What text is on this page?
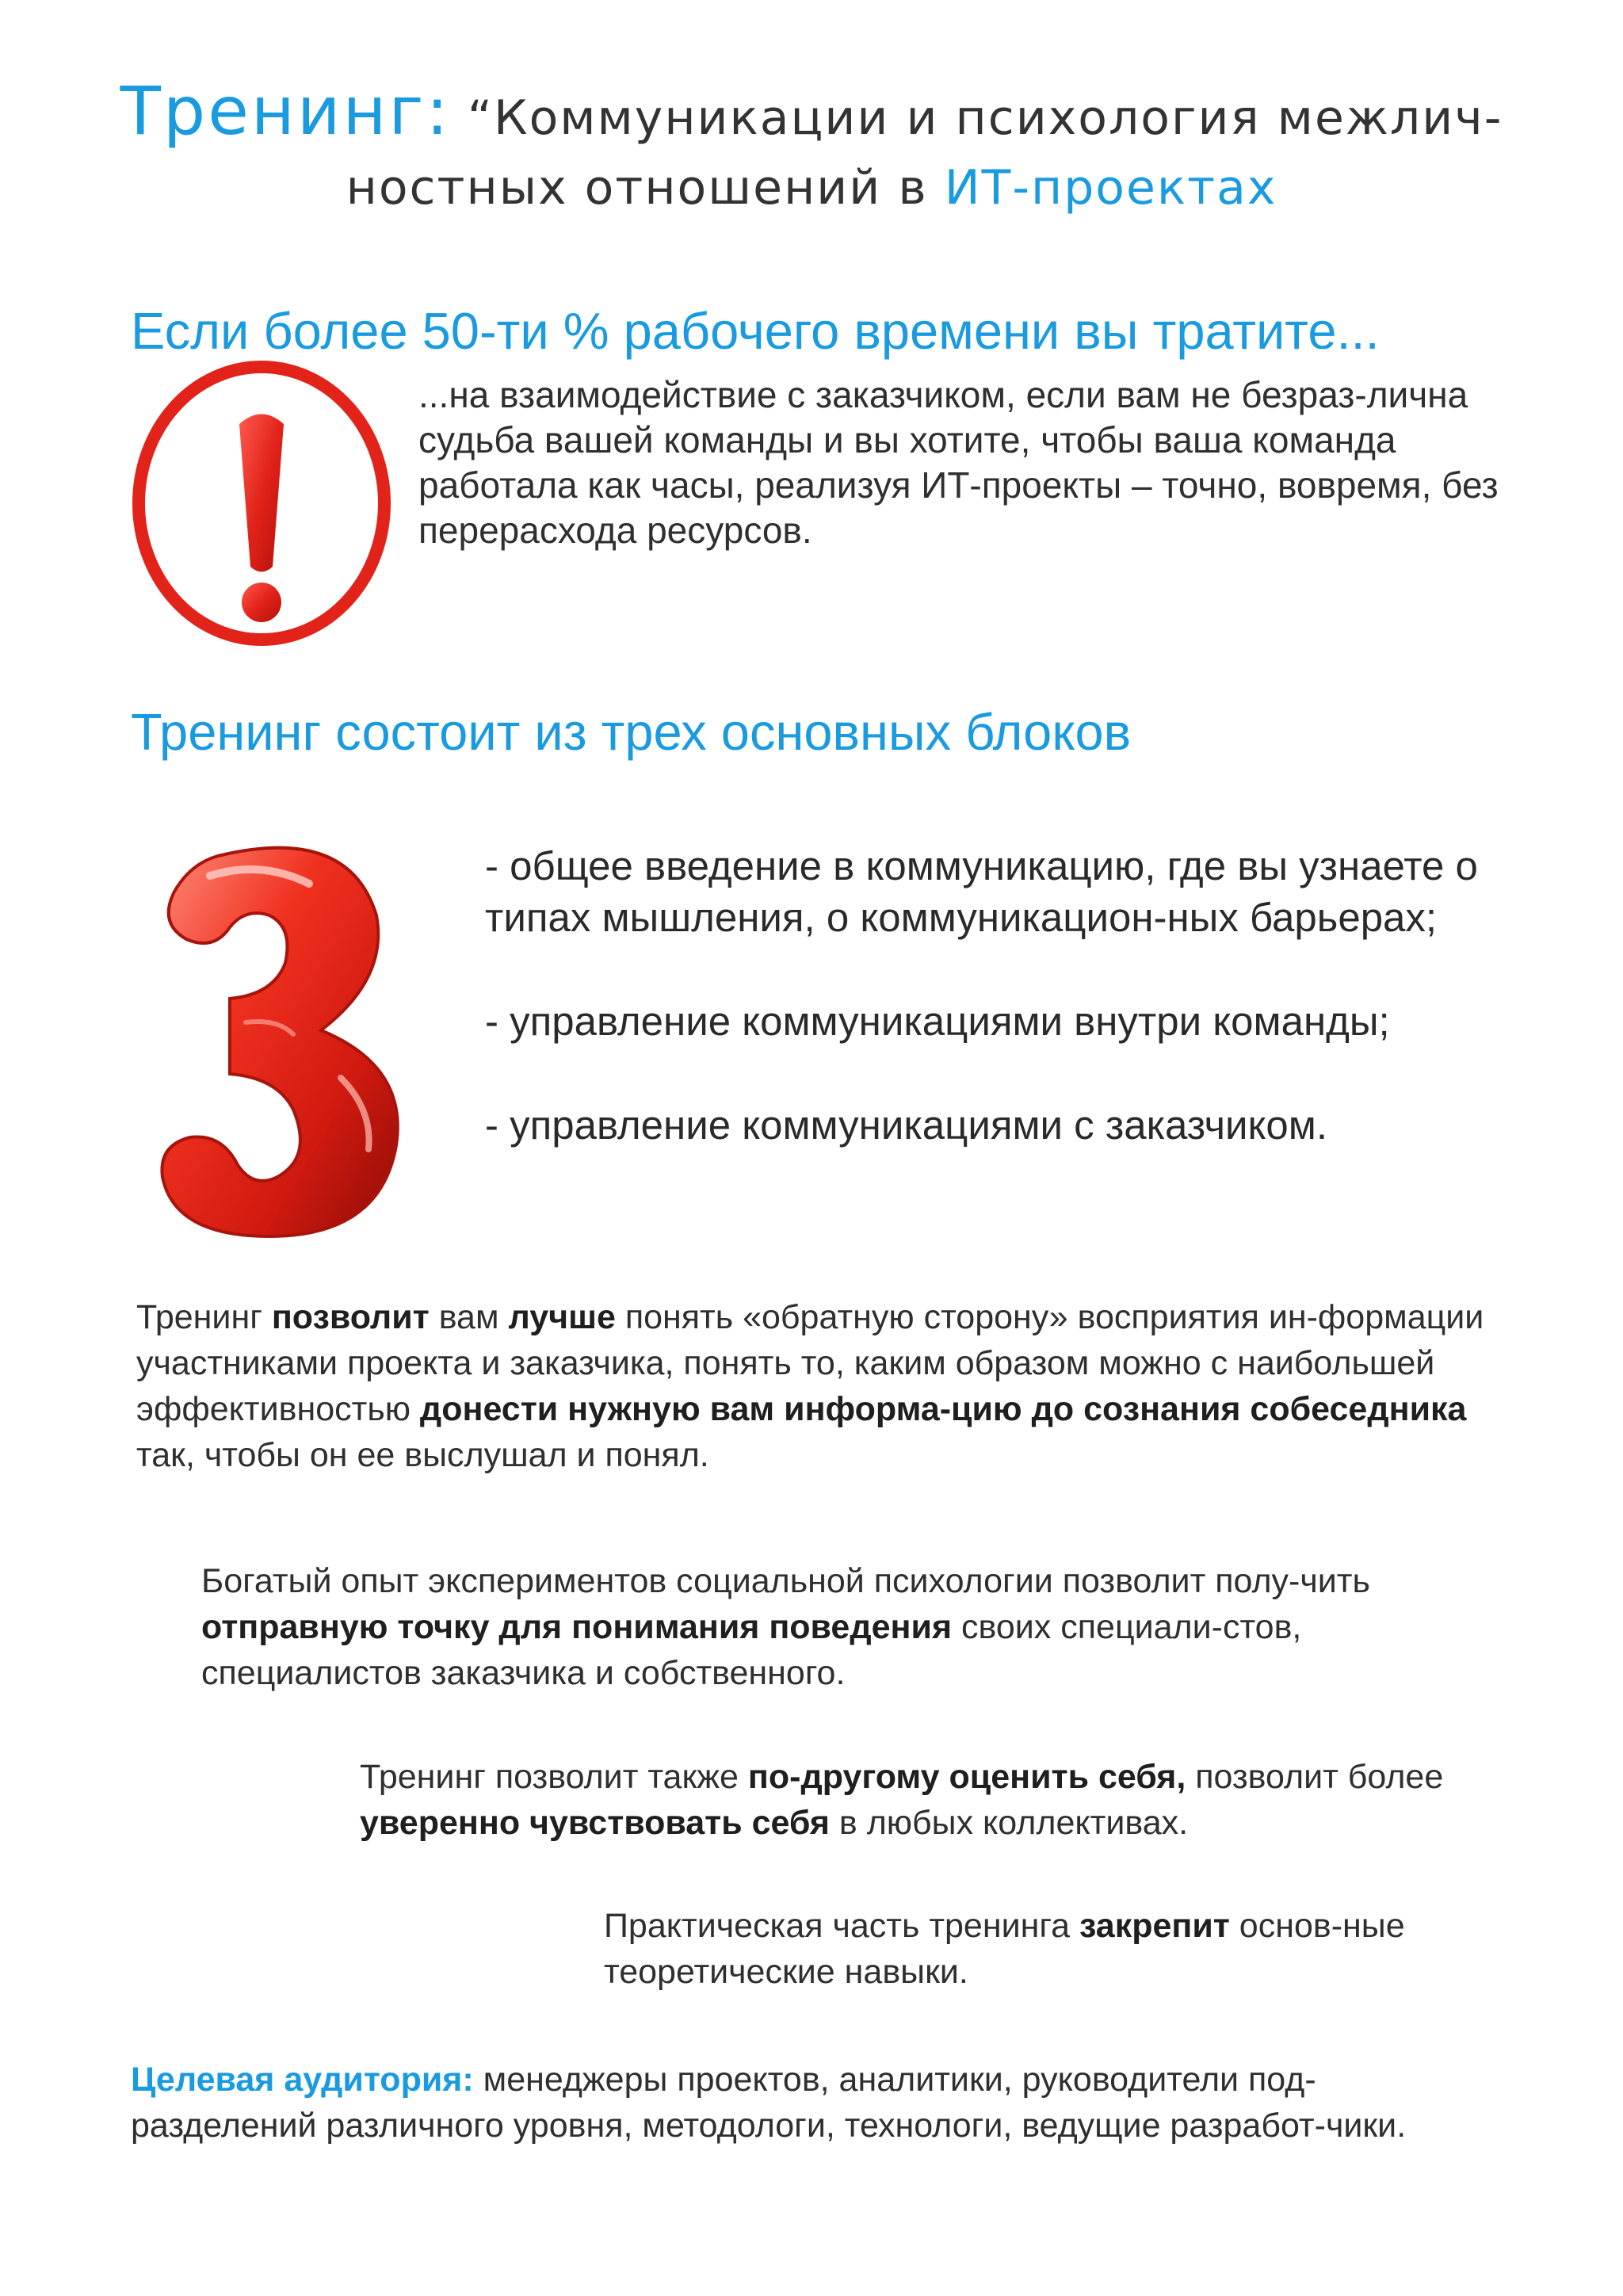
Тренинг: “Коммуникации и психология межлич-
ностных отношений в ИТ-проектах
Если более 50-ти % рабочего времени вы тратите...
...на взаимодействие с заказчиком, если вам не безраз-лична судьба вашей команды и вы хотите, чтобы ваша команда работала как часы, реализуя ИТ-проекты – точно, вовремя, без перерасхода ресурсов.
Тренинг состоит из трех основных блоков

- общее введение в коммуникацию, где вы узнаете о типах мышления, о коммуникацион-ных барьерах;

- управление коммуникациями внутри команды;

- управление коммуникациями с заказчиком.

Тренинг позволит вам лучше понять «обратную сторону» восприятия ин-формации участниками проекта и заказчика, понять то, каким образом можно с наибольшей эффективностью донести нужную вам информа-цию до сознания собеседника так, чтобы он ее выслушал и понял.
Богатый опыт экспериментов социальной психологии позволит полу-чить отправную точку для понимания поведения своих специали-стов, специалистов заказчика и собственного.
Тренинг позволит также по-другому оценить себя, позволит более уверенно чувствовать себя в любых коллективах.
Практическая часть тренинга закрепит основ-ные теоретические навыки.
Целевая аудитория: менеджеры проектов, аналитики, руководители под-разделений различного уровня, методологи, технологи, ведущие разработ-чики.
